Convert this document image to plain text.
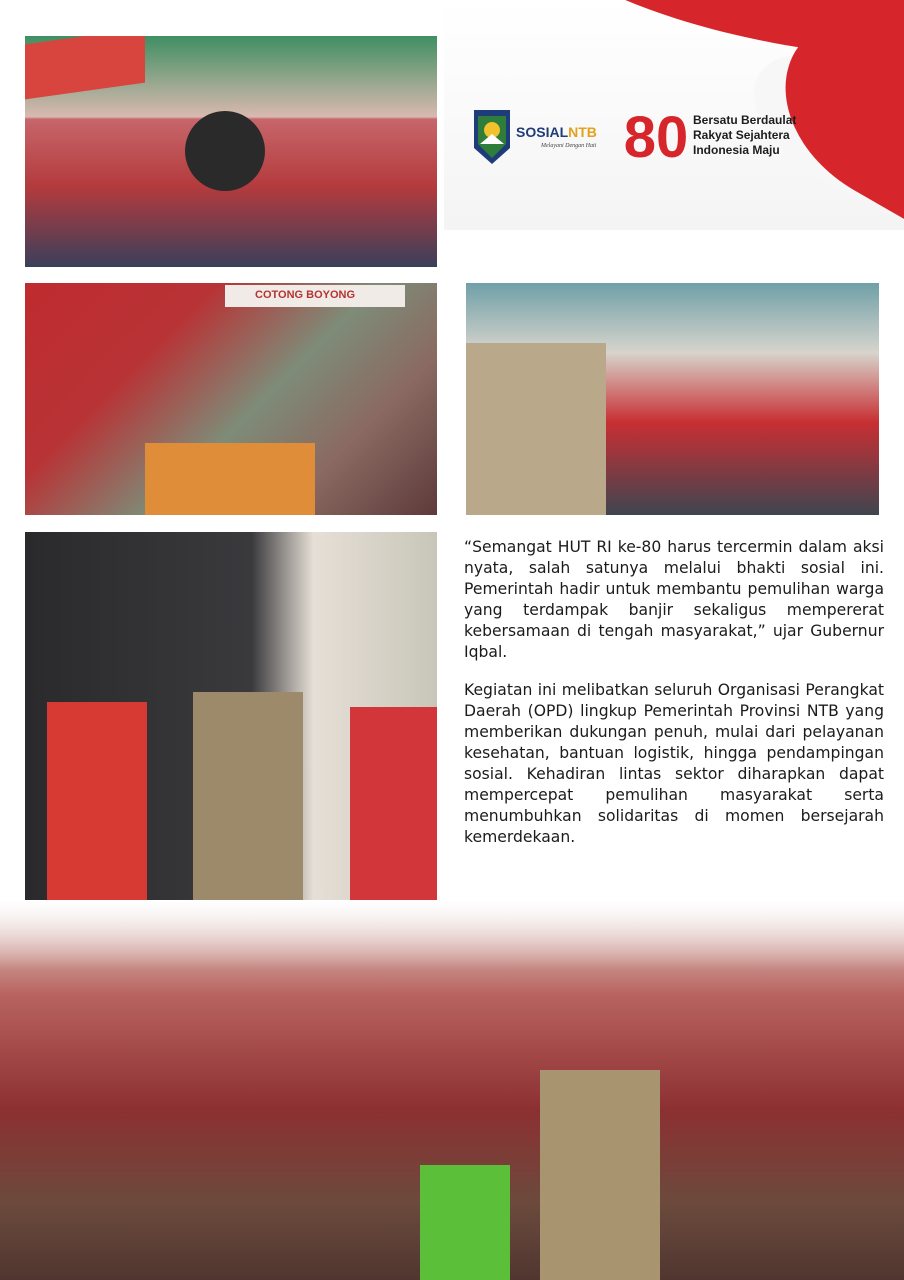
SOSIALNTB
Melayani Dengan Hati 80 Bersatu Berdaulat
Rakyat Sejahtera
Indonesia Maju
COTONG BOYONG

“Semangat HUT RI ke-80 harus tercermin dalam aksi nyata, salah satunya melalui bhakti sosial ini. Pemerintah hadir untuk membantu pemulihan warga yang terdampak banjir sekaligus mempererat kebersamaan di tengah masyarakat,” ujar Gubernur Iqbal.

Kegiatan ini melibatkan seluruh Organisasi Perangkat Daerah (OPD) lingkup Pemerintah Provinsi NTB yang memberikan dukungan penuh, mulai dari pelayanan kesehatan, bantuan logistik, hingga pendampingan sosial. Kehadiran lintas sektor diharapkan dapat mempercepat pemulihan masyarakat serta menumbuhkan solidaritas di momen bersejarah kemerdekaan.
